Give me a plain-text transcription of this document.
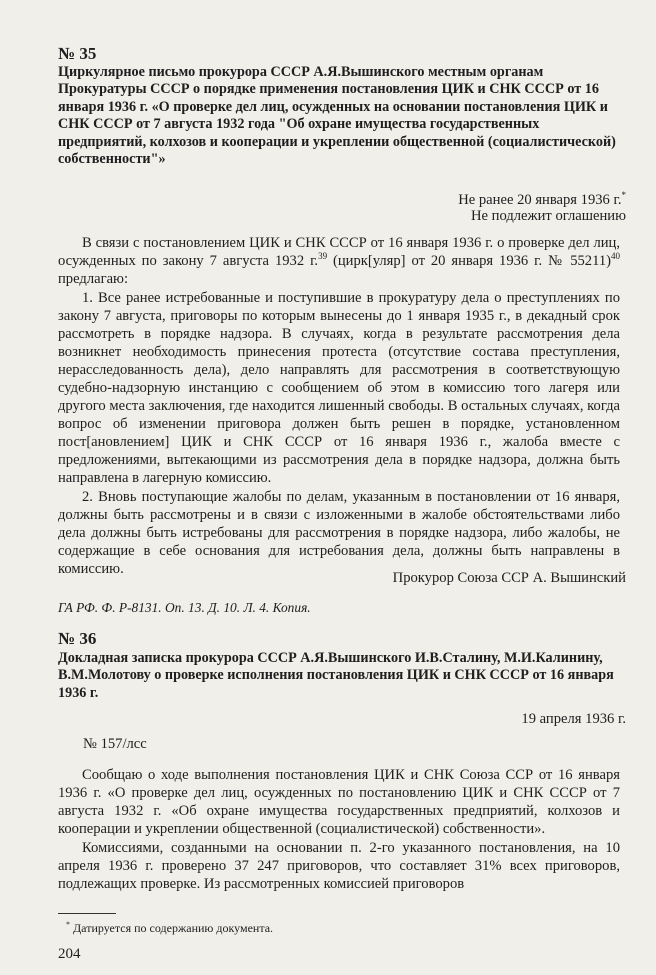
№ 35
Циркулярное письмо прокурора СССР А.Я.Вышинского местным органам Прокуратуры СССР о порядке применения постановления ЦИК и СНК СССР от 16 января 1936 г. «О проверке дел лиц, осужденных на основании постановления ЦИК и СНК СССР от 7 августа 1932 года "Об охране имущества государственных предприятий, колхозов и кооперации и укреплении общественной (социалистической) собственности"»
Не ранее 20 января 1936 г.*
Не подлежит оглашению
В связи с постановлением ЦИК и СНК СССР от 16 января 1936 г. о проверке дел лиц, осужденных по закону 7 августа 1932 г.$^{39}$ (цирк[уляр] от 20 января 1936 г. № 55211)$^{40}$ предлагаю:
1. Все ранее истребованные и поступившие в прокуратуру дела о преступлениях по закону 7 августа, приговоры по которым вынесены до 1 января 1935 г., в декадный срок рассмотреть в порядке надзора. В случаях, когда в результате рассмотрения дела возникнет необходимость принесения протеста (отсутствие состава преступления, нерасследованность дела), дело направлять для рассмотрения в соответствующую судебно-надзорную инстанцию с сообщением об этом в комиссию того лагеря или другого места заключения, где находится лишенный свободы. В остальных случаях, когда вопрос об изменении приговора должен быть решен в порядке, установленном пост[ановлением] ЦИК и СНК СССР от 16 января 1936 г., жалоба вместе с предложениями, вытекающими из рассмотрения дела в порядке надзора, должна быть направлена в лагерную комиссию.
2. Вновь поступающие жалобы по делам, указанным в постановлении от 16 января, должны быть рассмотрены и в связи с изложенными в жалобе обстоятельствами либо дела должны быть истребованы для рассмотрения в порядке надзора, либо жалобы, не содержащие в себе основания для истребования дела, должны быть направлены в комиссию.
Прокурор Союза ССР А. Вышинский
ГА РФ. Ф. Р-8131. Оп. 13. Д. 10. Л. 4. Копия.
№ 36
Докладная записка прокурора СССР А.Я.Вышинского И.В.Сталину, М.И.Калинину, В.М.Молотову о проверке исполнения постановления ЦИК и СНК СССР от 16 января 1936 г.
19 апреля 1936 г.
№ 157/лсс
Сообщаю о ходе выполнения постановления ЦИК и СНК Союза ССР от 16 января 1936 г. «О проверке дел лиц, осужденных по постановлению ЦИК и СНК СССР от 7 августа 1932 г. «Об охране имущества государственных предприятий, колхозов и кооперации и укреплении общественной (социалистической) собственности».
Комиссиями, созданными на основании п. 2-го указанного постановления, на 10 апреля 1936 г. проверено 37 247 приговоров, что составляет 31% всех приговоров, подлежащих проверке. Из рассмотренных комиссией приговоров
* Датируется по содержанию документа.
204
